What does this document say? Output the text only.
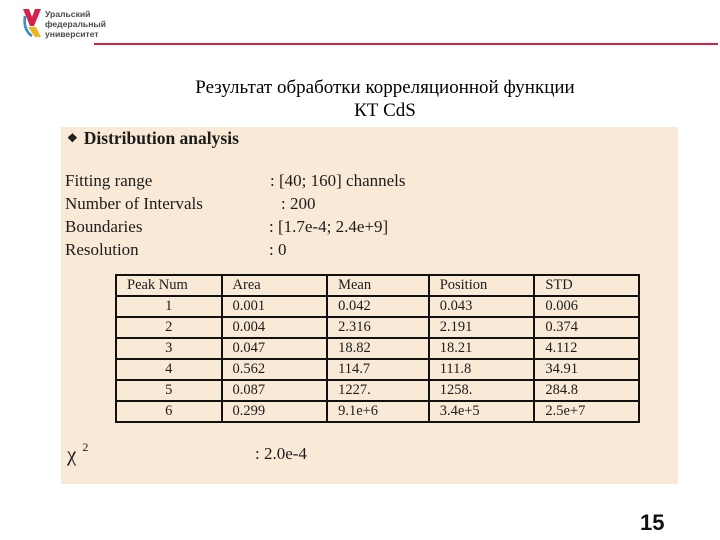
Уральский
федеральный
университет
Результат обработки корреляционной функции
КТ CdS
❖ Distribution analysis
Fitting range	: [40; 160] channels
Number of Intervals	: 200
Boundaries	: [1.7e-4; 2.4e+9]
Resolution	: 0
Peak Num	Area	Mean	Position	STD
1	0.001	0.042	0.043	0.006
2	0.004	2.316	2.191	0.374
3	0.047	18.82	18.21	4.112
4	0.562	114.7	111.8	34.91
5	0.087	1227.	1258.	284.8
6	0.299	9.1e+6	3.4e+5	2.5e+7
χ $^2$	: 2.0e-4
15
